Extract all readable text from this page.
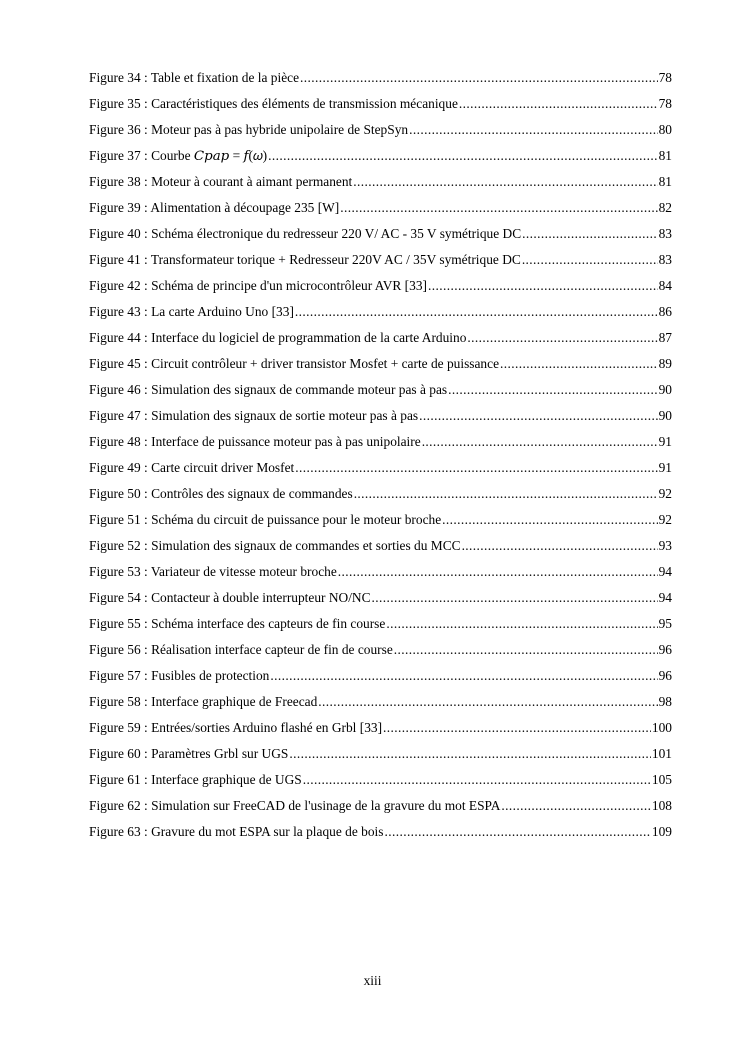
Figure 34 : Table et fixation de la pièce .....	78
Figure 35 : Caractéristiques des éléments de transmission mécanique .....	78
Figure 36 : Moteur pas à pas hybride unipolaire de StepSyn .....	80
Figure 37 : Courbe 𝐶𝑝𝑎𝑝 = 𝑓(𝜔) .....	81
Figure 38 : Moteur à courant à aimant permanent .....	81
Figure 39 : Alimentation à découpage 235 [W] .....	82
Figure 40 : Schéma électronique du redresseur 220 V/ AC - 35 V symétrique DC .....	83
Figure 41 : Transformateur torique + Redresseur 220V AC / 35V symétrique DC .....	83
Figure 42 : Schéma de principe d'un microcontrôleur AVR [33] .....	84
Figure 43 : La carte Arduino Uno [33] .....	86
Figure 44 : Interface du logiciel de programmation de la carte Arduino .....	87
Figure 45 : Circuit contrôleur + driver transistor Mosfet + carte de puissance .....	89
Figure 46 : Simulation des signaux de commande moteur pas à pas .....	90
Figure 47 : Simulation des signaux de sortie moteur pas à pas .....	90
Figure 48 : Interface de puissance moteur pas à pas unipolaire .....	91
Figure 49 : Carte circuit driver Mosfet .....	91
Figure 50 : Contrôles des signaux de commandes .....	92
Figure 51 : Schéma du circuit de puissance pour le moteur broche .....	92
Figure 52 : Simulation des signaux de commandes et sorties du MCC .....	93
Figure 53 : Variateur de vitesse moteur broche .....	94
Figure 54 : Contacteur à double interrupteur NO/NC .....	94
Figure 55 : Schéma interface des capteurs de fin course .....	95
Figure 56 : Réalisation interface capteur de fin de course .....	96
Figure 57 : Fusibles de protection .....	96
Figure 58 : Interface graphique de Freecad .....	98
Figure 59 : Entrées/sorties Arduino flashé en Grbl [33] .....	100
Figure 60 : Paramètres Grbl sur UGS .....	101
Figure 61 : Interface graphique de UGS .....	105
Figure 62 : Simulation sur FreeCAD de l'usinage de la gravure du mot ESPA .....	108
Figure 63 : Gravure du mot ESPA sur la plaque de bois .....	109
xiii
